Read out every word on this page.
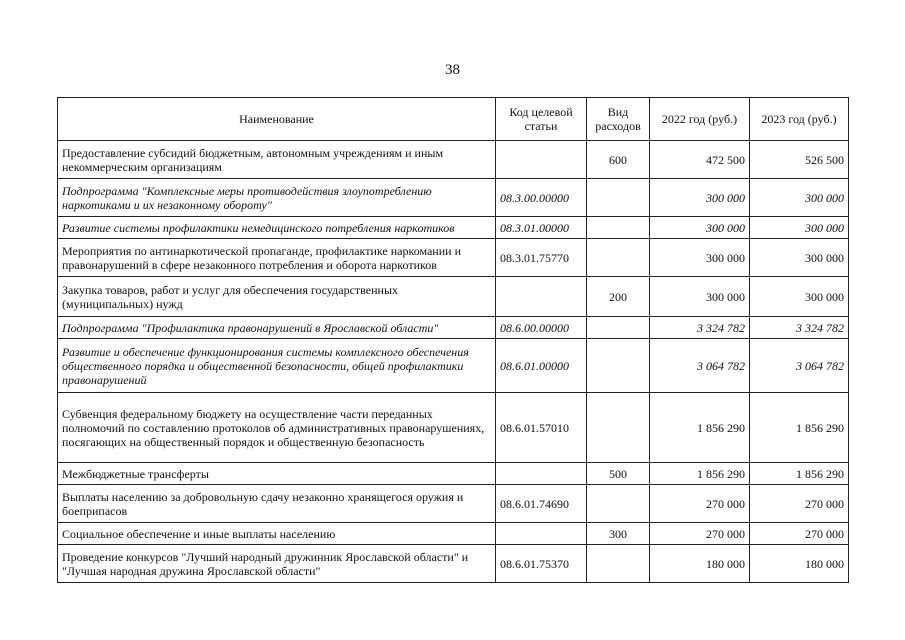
38
Наименование	Код целевой статьи	Вид расходов	2022 год (руб.)	2023 год (руб.)
Предоставление субсидий бюджетным, автономным учреждениям и иным некоммерческим организациям		600	472 500	526 500
Подпрограмма "Комплексные меры противодействия злоупотреблению наркотиками и их незаконному обороту"	08.3.00.00000		300 000	300 000
Развитие системы профилактики немедицинского потребления наркотиков	08.3.01.00000		300 000	300 000
Мероприятия по антинаркотической пропаганде, профилактике наркомании и правонарушений в сфере незаконного потребления и оборота наркотиков	08.3.01.75770		300 000	300 000
Закупка товаров, работ и услуг для обеспечения государственных (муниципальных) нужд		200	300 000	300 000
Подпрограмма "Профилактика правонарушений в Ярославской области"	08.6.00.00000		3 324 782	3 324 782
Развитие и обеспечение функционирования системы комплексного обеспечения общественного порядка и общественной безопасности, общей профилактики правонарушений	08.6.01.00000		3 064 782	3 064 782
Субвенция федеральному бюджету на осуществление части переданных полномочий по составлению протоколов об административных правонарушениях, посягающих на общественный порядок и общественную безопасность	08.6.01.57010		1 856 290	1 856 290
Межбюджетные трансферты		500	1 856 290	1 856 290
Выплаты населению за добровольную сдачу незаконно хранящегося оружия и боеприпасов	08.6.01.74690		270 000	270 000
Социальное обеспечение и иные выплаты населению		300	270 000	270 000
Проведение конкурсов "Лучший народный дружинник Ярославской области" и "Лучшая народная дружина Ярославской области"	08.6.01.75370		180 000	180 000
